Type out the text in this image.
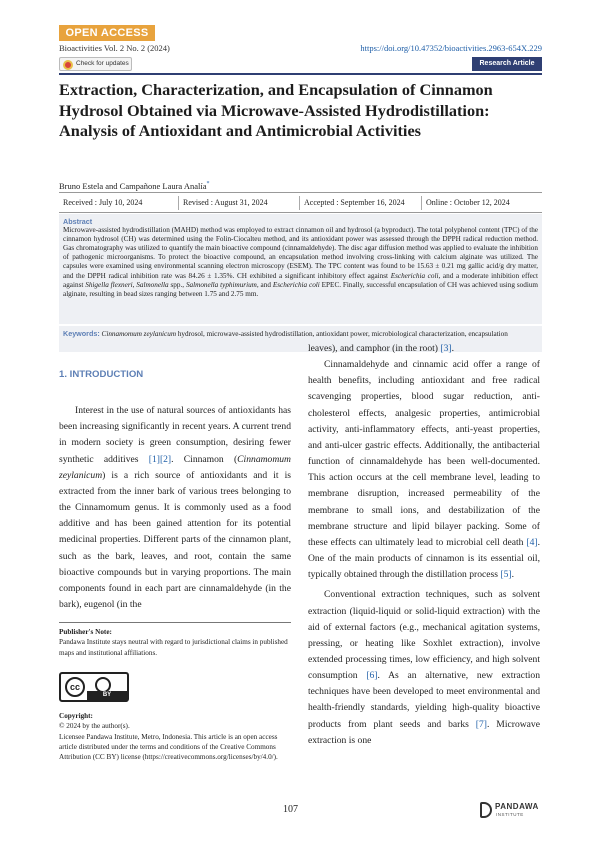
OPEN ACCESS
Bioactivities Vol. 2 No. 2 (2024)	https://doi.org/10.47352/bioactivities.2963-654X.229
Check for updates	Research Article
Extraction, Characterization, and Encapsulation of Cinnamon Hydrosol Obtained via Microwave-Assisted Hydrodistillation: Analysis of Antioxidant and Antimicrobial Activities
Bruno Estela and Campañone Laura Analía*
Received : July 10, 2024	Revised : August 31, 2024	Accepted : September 16, 2024	Online : October 12, 2024
Abstract
Microwave-assisted hydrodistillation (MAHD) method was employed to extract cinnamon oil and hydrosol (a byproduct). The total polyphenol content (TPC) of the cinnamon hydrosol (CH) was determined using the Folin-Ciocalteu method, and its antioxidant power was assessed through the DPPH radical reduction method. Gas chromatography was utilized to quantify the main bioactive compound (cinnamaldehyde). The disc agar diffusion method was applied to evaluate the inhibition of pathogenic microorganisms. To protect the bioactive compound, an encapsulation method involving cross-linking with calcium alginate was utilized. The capsules were examined using environmental scanning electron microscopy (ESEM). The TPC content was found to be 15.63 ± 0.21 mg gallic acid/g dry matter, and the DPPH radical inhibition rate was 84.26 ± 1.35%. CH exhibited a significant inhibitory effect against Escherichia coli, and a moderate inhibition effect against Shigella flexneri, Salmonella spp., Salmonella typhimurium, and Escherichia coli EPEC. Finally, successful encapsulation of CH was achieved using sodium alginate, resulting in bead sizes ranging between 1.75 and 2.75 mm.
Keywords: Cinnamomum zeylanicum hydrosol, microwave-assisted hydrodistillation, antioxidant power, microbiological characterization, encapsulation
1. INTRODUCTION

Interest in the use of natural sources of antioxidants has been increasing significantly in recent years. A current trend in modern society is green consumption, desiring fewer synthetic additives [1][2]. Cinnamon (Cinnamomum zeylanicum) is a rich source of antioxidants and it is extracted from the inner bark of various trees belonging to the Cinnamomum genus. It is commonly used as a food additive and has been gained attention for its potential medicinal properties. Different parts of the cinnamon plant, such as the bark, leaves, and root, contain the same bioactive compounds but in varying proportions. The main components found in each part are cinnamaldehyde (in the bark), eugenol (in the

leaves), and camphor (in the root) [3].

Cinnamaldehyde and cinnamic acid offer a range of health benefits, including antioxidant and free radical scavenging properties, blood sugar reduction, anti-cholesterol effects, analgesic properties, antimicrobial activity, anti-inflammatory effects, anti-yeast properties, and anti-ulcer gastric effects. Additionally, the antibacterial function of cinnamaldehyde has been well-documented. This action occurs at the cell membrane level, leading to membrane disruption, increased permeability of the membrane to small ions, and destabilization of the membrane structure and lipid bilayer packing. Some of these effects can ultimately lead to microbial cell death [4]. One of the main products of cinnamon is its essential oil, typically obtained through the distillation process [5].

Conventional extraction techniques, such as solvent extraction (liquid-liquid or solid-liquid extraction) with the aid of external factors (e.g., mechanical agitation systems, pressing, or heating like Soxhlet extraction), involve extended processing times, low efficiency, and high solvent consumption [6]. As an alternative, new extraction techniques have been developed to meet environmental and health-friendly standards, yielding high-quality bioactive products from plant seeds and barks [7]. Microwave extraction is one

Publisher's Note:
Pandawa Institute stays neutral with regard to jurisdictional claims in published maps and institutional affiliations.
cc
BY
Copyright:
© 2024 by the author(s).
Licensee Pandawa Institute, Metro, Indonesia. This article is an open access article distributed under the terms and conditions of the Creative Commons Attribution (CC BY) license (https://creativecommons.org/licenses/by/4.0/).
107	PANDAWA
INSTITUTE
